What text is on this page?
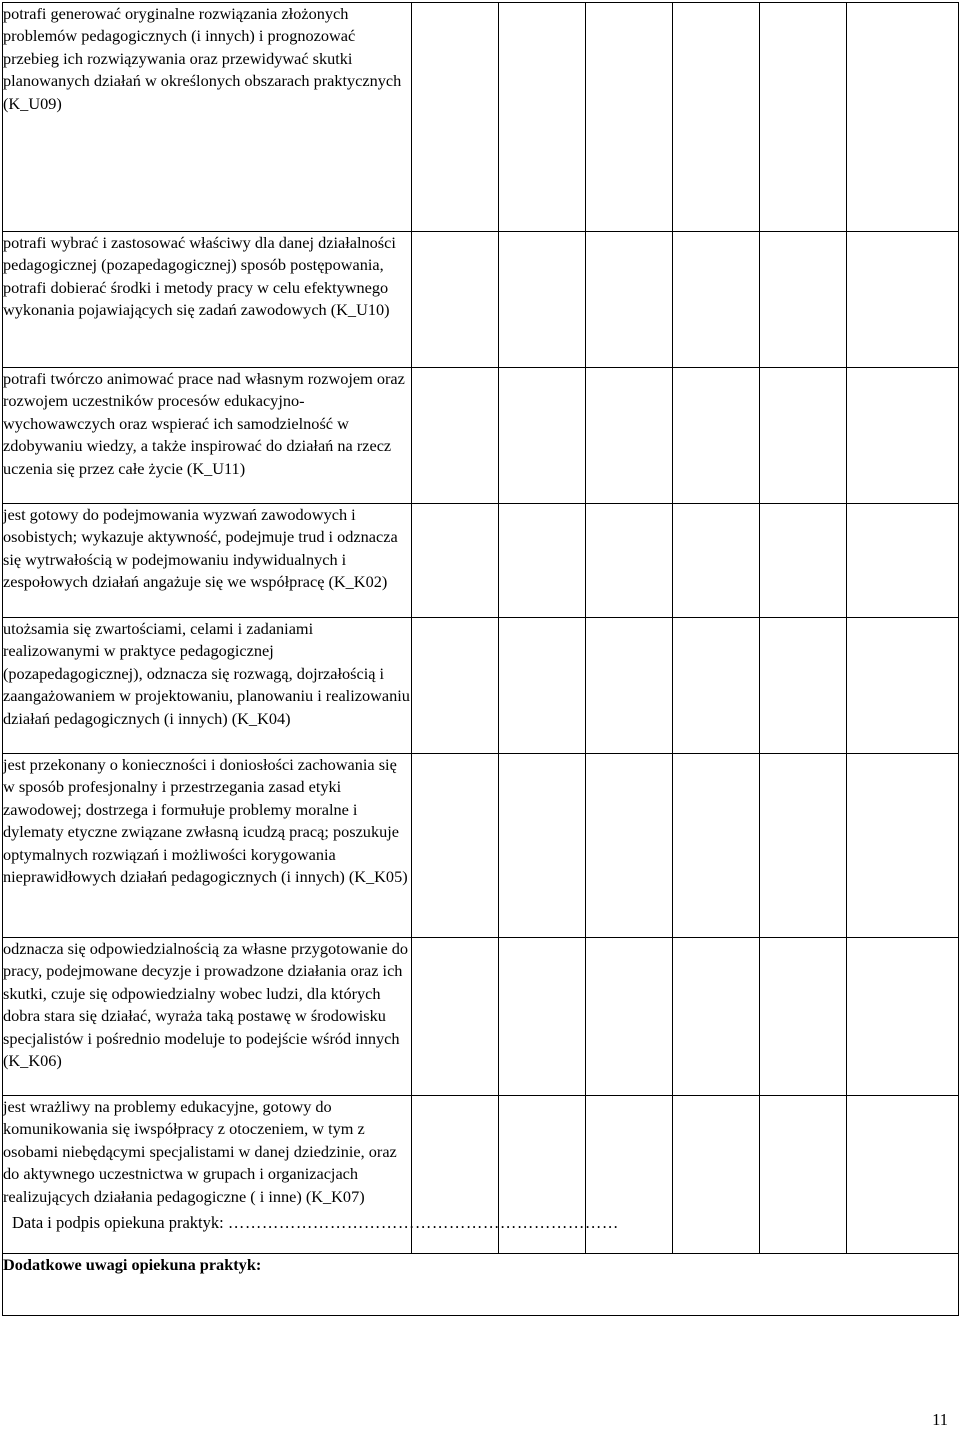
potrafi generować oryginalne rozwiązania złożonych problemów pedagogicznych (i innych) i prognozować przebieg ich rozwiązywania oraz przewidywać skutki planowanych działań w określonych obszarach praktycznych (K_U09)						

potrafi wybrać i zastosować właściwy dla danej działalności pedagogicznej (pozapedagogicznej) sposób postępowania, potrafi dobierać środki i metody pracy w celu efektywnego wykonania pojawiających się zadań zawodowych (K_U10)						

potrafi twórczo animować prace nad własnym rozwojem oraz rozwojem uczestników procesów edukacyjno-wychowawczych oraz wspierać ich samodzielność w zdobywaniu wiedzy, a także inspirować do działań na rzecz uczenia się przez całe życie (K_U11)						

jest gotowy do podejmowania wyzwań zawodowych i osobistych; wykazuje aktywność, podejmuje trud i odznacza się wytrwałością w podejmowaniu indywidualnych i zespołowych działań angażuje się we współpracę (K_K02)						

utożsamia się zwartościami, celami i zadaniami realizowanymi w praktyce pedagogicznej (pozapedagogicznej), odznacza się rozwagą, dojrzałością i zaangażowaniem w projektowaniu, planowaniu i realizowaniu działań pedagogicznych (i innych) (K_K04)						

jest przekonany o konieczności i doniosłości zachowania się w sposób profesjonalny i przestrzegania zasad etyki zawodowej; dostrzega i formułuje problemy moralne i dylematy etyczne związane zwłasną icudzą pracą; poszukuje optymalnych rozwiązań i możliwości korygowania nieprawidłowych działań pedagogicznych (i innych) (K_K05)						

odznacza się odpowiedzialnością za własne przygotowanie do pracy, podejmowane decyzje i prowadzone działania oraz ich skutki, czuje się odpowiedzialny wobec ludzi, dla których dobra stara się działać, wyraża taką postawę w środowisku specjalistów i pośrednio modeluje to podejście wśród innych (K_K06)						

jest wrażliwy na problemy edukacyjne, gotowy do komunikowania się iwspółpracy z otoczeniem, w tym z osobami niebędącymi specjalistami w danej dziedzinie, oraz do aktywnego uczestnictwa w grupach i organizacjach realizujących działania pedagogiczne ( i inne) (K_K07)						

Dodatkowe uwagi opiekuna praktyk:						
Data i podpis opiekuna praktyk: ……………………………………………………………
11
